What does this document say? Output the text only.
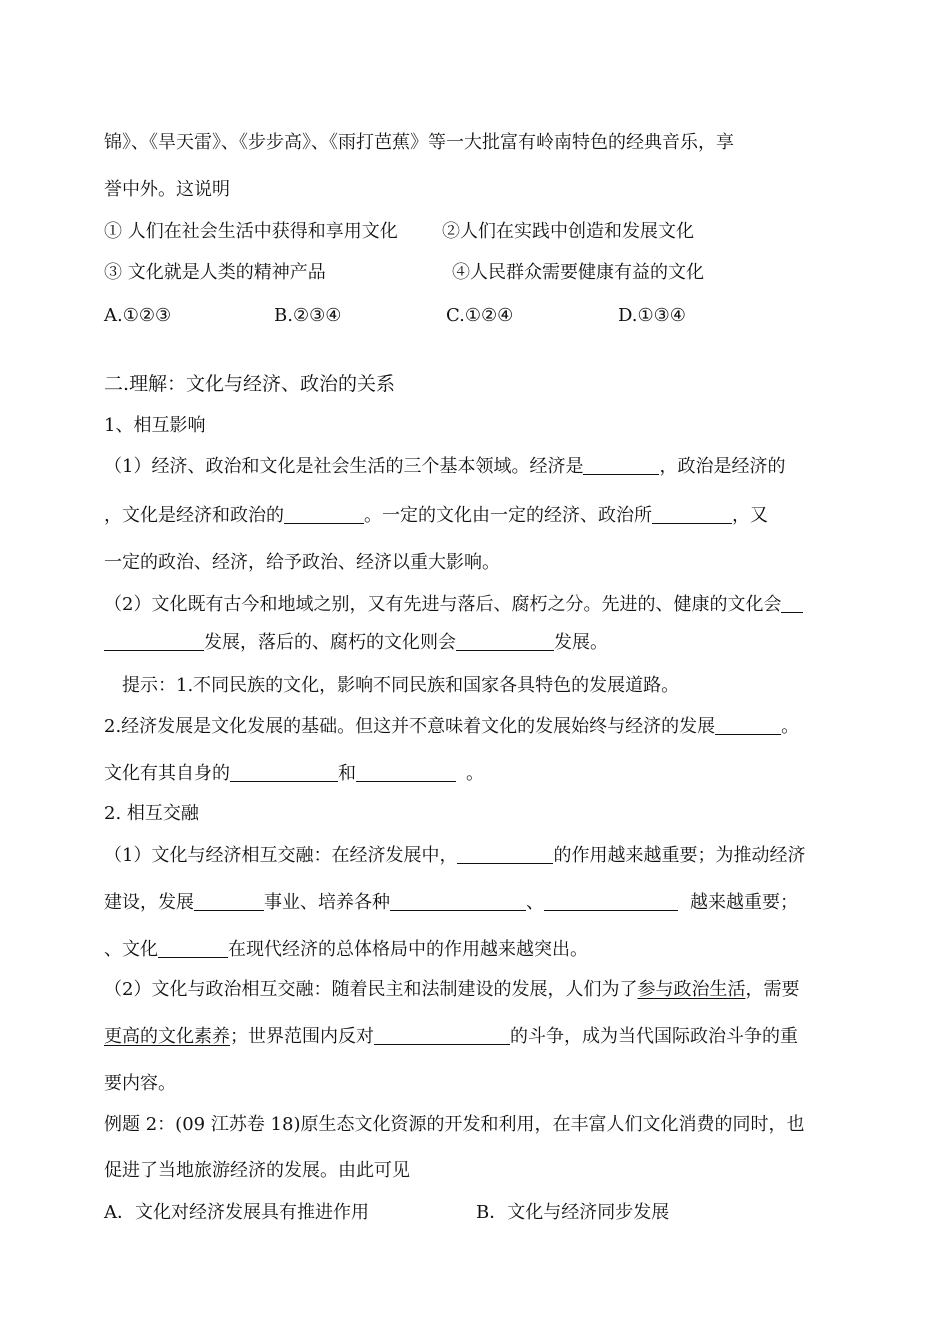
锦》、《旱天雷》、《步步高》、《雨打芭蕉》等一大批富有岭南特色的经典音乐，享
誉中外。这说明
① 人们在社会生活中获得和享用文化 ②人们在实践中创造和发展文化
③ 文化就是人类的精神产品	④人民群众需要健康有益的文化
A.①②③	B.②③④	C.①②④	D.①③④
二.理解：文化与经济、政治的关系
1、相互影响
（1）经济、政治和文化是社会生活的三个基本领域。经济是	，政治是经济的
，文化是经济和政治的	。一定的文化由一定的经济、政治所	，又
一定的政治、经济，给予政治、经济以重大影响。
（2）文化既有古今和地域之别，又有先进与落后、腐朽之分。先进的、健康的文化会
发展，落后的、腐朽的文化则会	发展。
提示：1.不同民族的文化，影响不同民族和国家各具特色的发展道路。
2.经济发展是文化发展的基础。但这并不意味着文化的发展始终与经济的发展	。
文化有其自身的	和	。
2. 相互交融
（1）文化与经济相互交融：在经济发展中，	的作用越来越重要；为推动经济
建设，发展	事业、培养各种	、	越来越重要；
、文化	在现代经济的总体格局中的作用越来越突出。
（2）文化与政治相互交融：随着民主和法制建设的发展，人们为了参与政治生活，需要
更高的文化素养；世界范围内反对	的斗争，成为当代国际政治斗争的重
要内容。
例题 2：(09 江苏卷 18)原生态文化资源的开发和利用，在丰富人们文化消费的同时，也
促进了当地旅游经济的发展。由此可见
A．文化对经济发展具有推进作用	B．文化与经济同步发展
